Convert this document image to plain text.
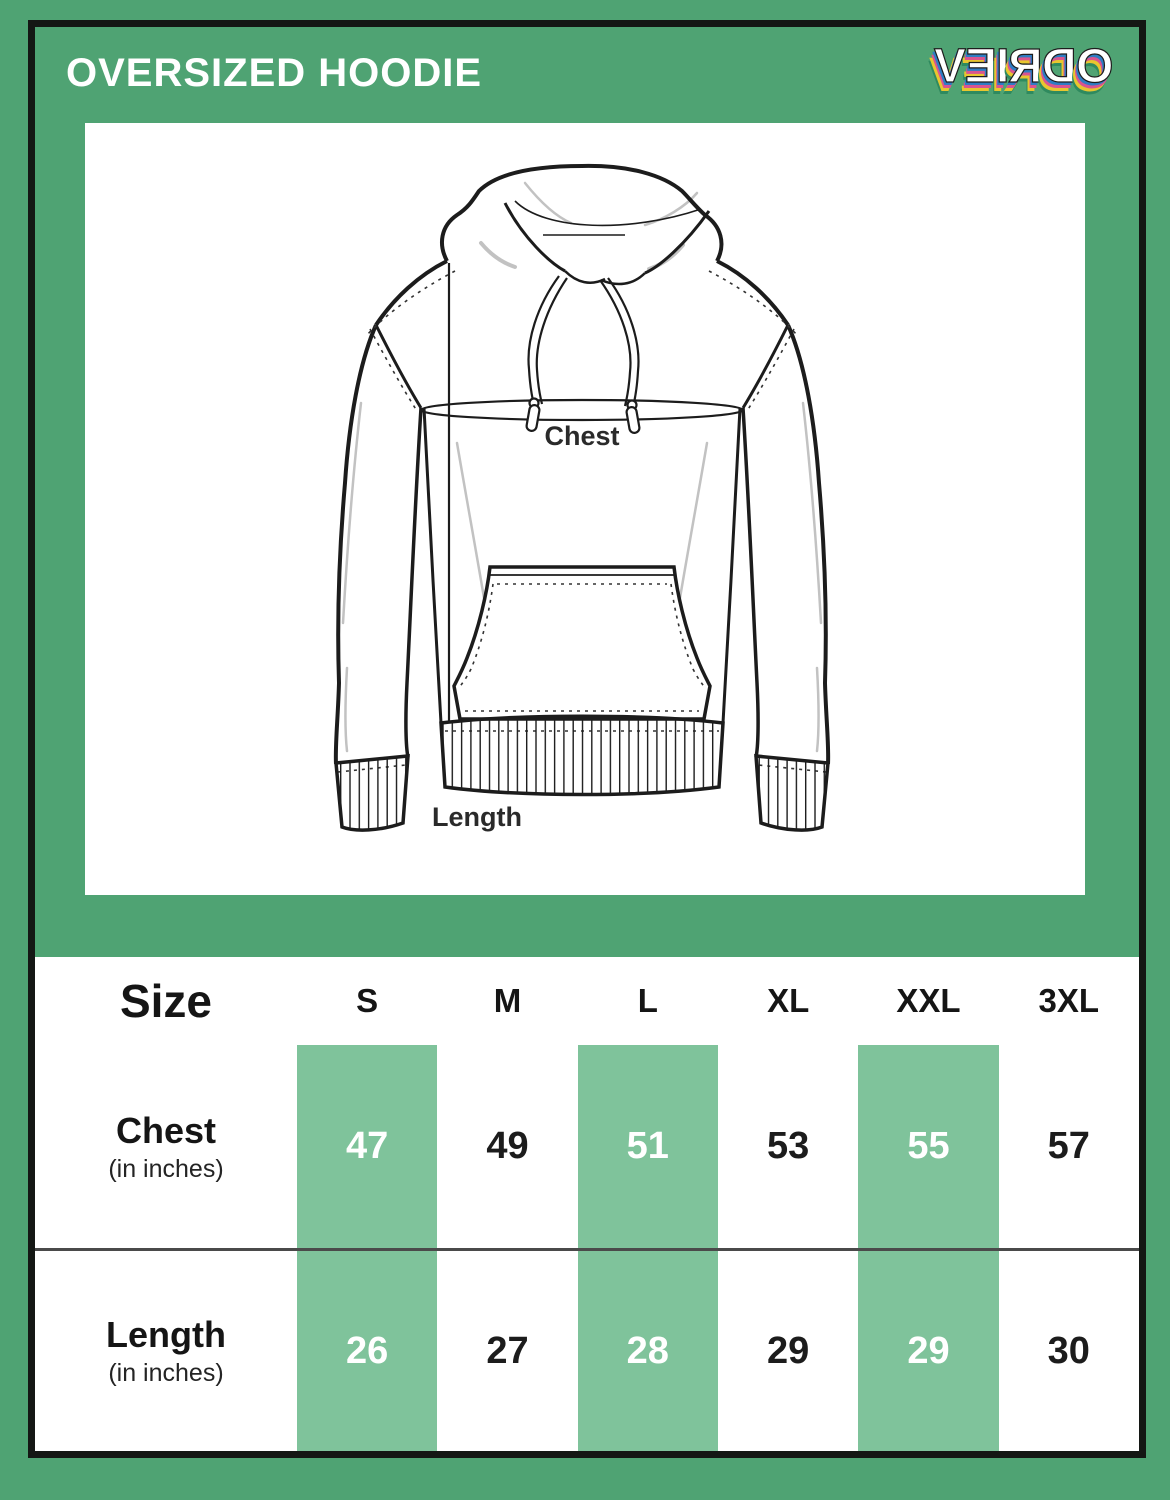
OVERSIZED HOODIE	VEIRDO
Chest
Length
Size	S	M	L	XL	XXL	3XL
Chest
(in inches)
47	49	51	53	55	57
Length
(in inches)
26	27	28	29	29	30
